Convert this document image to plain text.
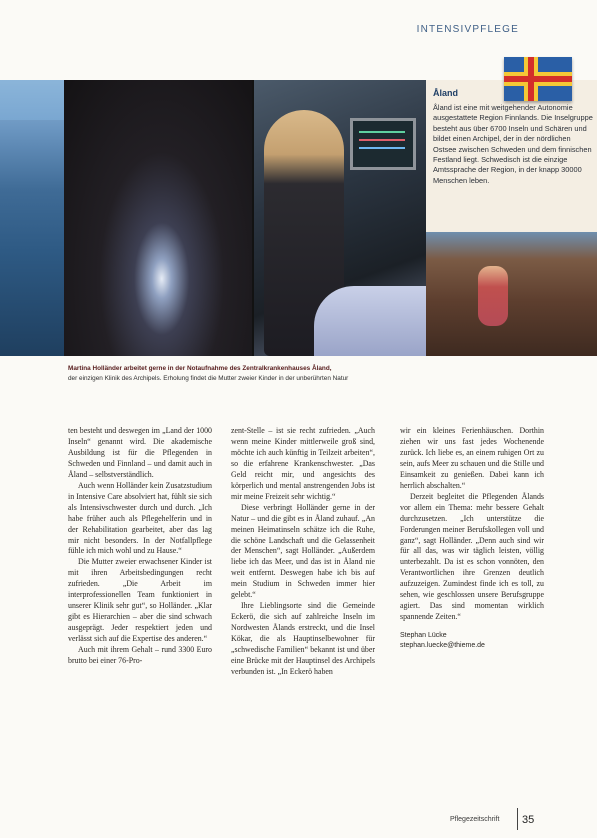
INTENSIVPFLEGE
Åland
Åland ist eine mit weitgehender Autonomie ausgestattete Region Finnlands. Die Inselgruppe besteht aus über 6700 Inseln und Schären und bildet einen Archipel, der in der nördlichen Ostsee zwischen Schweden und dem finnischen Festland liegt. Schwedisch ist die einzige Amtssprache der Region, in der knapp 30000 Menschen leben.
Martina Holländer arbeitet gerne in der Notaufnahme des Zentralkrankenhauses Åland,
der einzigen Klinik des Archipels. Erholung findet die Mutter zweier Kinder in der unberührten Natur

ten besteht und deswegen im „Land der 1000 Inseln“ genannt wird. Die akademische Ausbildung ist für die Pflegenden in Schweden und Finnland – und damit auch in Åland – selbstverständlich.

Auch wenn Holländer kein Zusatzstudium in Intensive Care absolviert hat, fühlt sie sich als Intensivschwester durch und durch. „Ich habe früher auch als Pflegehelferin und in der Rehabilitation gearbeitet, aber das lag mir nicht besonders. In der Notfallpflege fühle ich mich wohl und zu Hause.“

Die Mutter zweier erwachsener Kinder ist mit ihren Arbeitsbedingungen recht zufrieden. „Die Arbeit im interprofessionellen Team funktioniert in unserer Klinik sehr gut“, so Holländer. „Klar gibt es Hierarchien – aber die sind schwach ausgeprägt. Jeder respektiert jeden und verlässt sich auf die Expertise des anderen.“

Auch mit ihrem Gehalt – rund 3300 Euro brutto bei einer 76-Pro-

zent-Stelle – ist sie recht zufrieden. „Auch wenn meine Kinder mittlerweile groß sind, möchte ich auch künftig in Teilzeit arbeiten“, so die erfahrene Krankenschwester. „Das Geld reicht mir, und angesichts des körperlich und mental anstrengenden Jobs ist mir meine Freizeit sehr wichtig.“

Diese verbringt Holländer gerne in der Natur – und die gibt es in Åland zuhauf. „An meinen Heimatinseln schätze ich die Ruhe, die schöne Landschaft und die Gelassenheit der Menschen“, sagt Holländer. „Außerdem liebe ich das Meer, und das ist in Åland nie weit entfernt. Deswegen habe ich bis auf mein Studium in Schweden immer hier gelebt.“

Ihre Lieblingsorte sind die Gemeinde Eckerö, die sich auf zahlreiche Inseln im Nordwesten Ålands erstreckt, und die Insel Kökar, die als Hauptinselbewohner für „schwedische Familien“ bekannt ist und über eine Brücke mit der Hauptinsel des Archipels verbunden ist. „In Eckerö haben

wir ein kleines Ferienhäuschen. Dorthin ziehen wir uns fast jedes Wochenende zurück. Ich liebe es, an einem ruhigen Ort zu sein, aufs Meer zu schauen und die Stille und Einsamkeit zu genießen. Dabei kann ich herrlich abschalten.“

Derzeit begleitet die Pflegenden Ålands vor allem ein Thema: mehr bessere Gehalt durchzusetzen. „Ich unterstütze die Forderungen meiner Berufskollegen voll und ganz“, sagt Holländer. „Denn auch sind wir für all das, was wir täglich leisten, völlig unterbezahlt. Da ist es schon vonnöten, den Verantwortlichen ihre Grenzen deutlich aufzuzeigen. Zumindest finde ich es toll, zu sehen, wie geschlossen unsere Berufsgruppe agiert. Das sind momentan wirklich spannende Zeiten.“

Stephan Lücke
stephan.luecke@thieme.de
Pflegezeitschrift 35
